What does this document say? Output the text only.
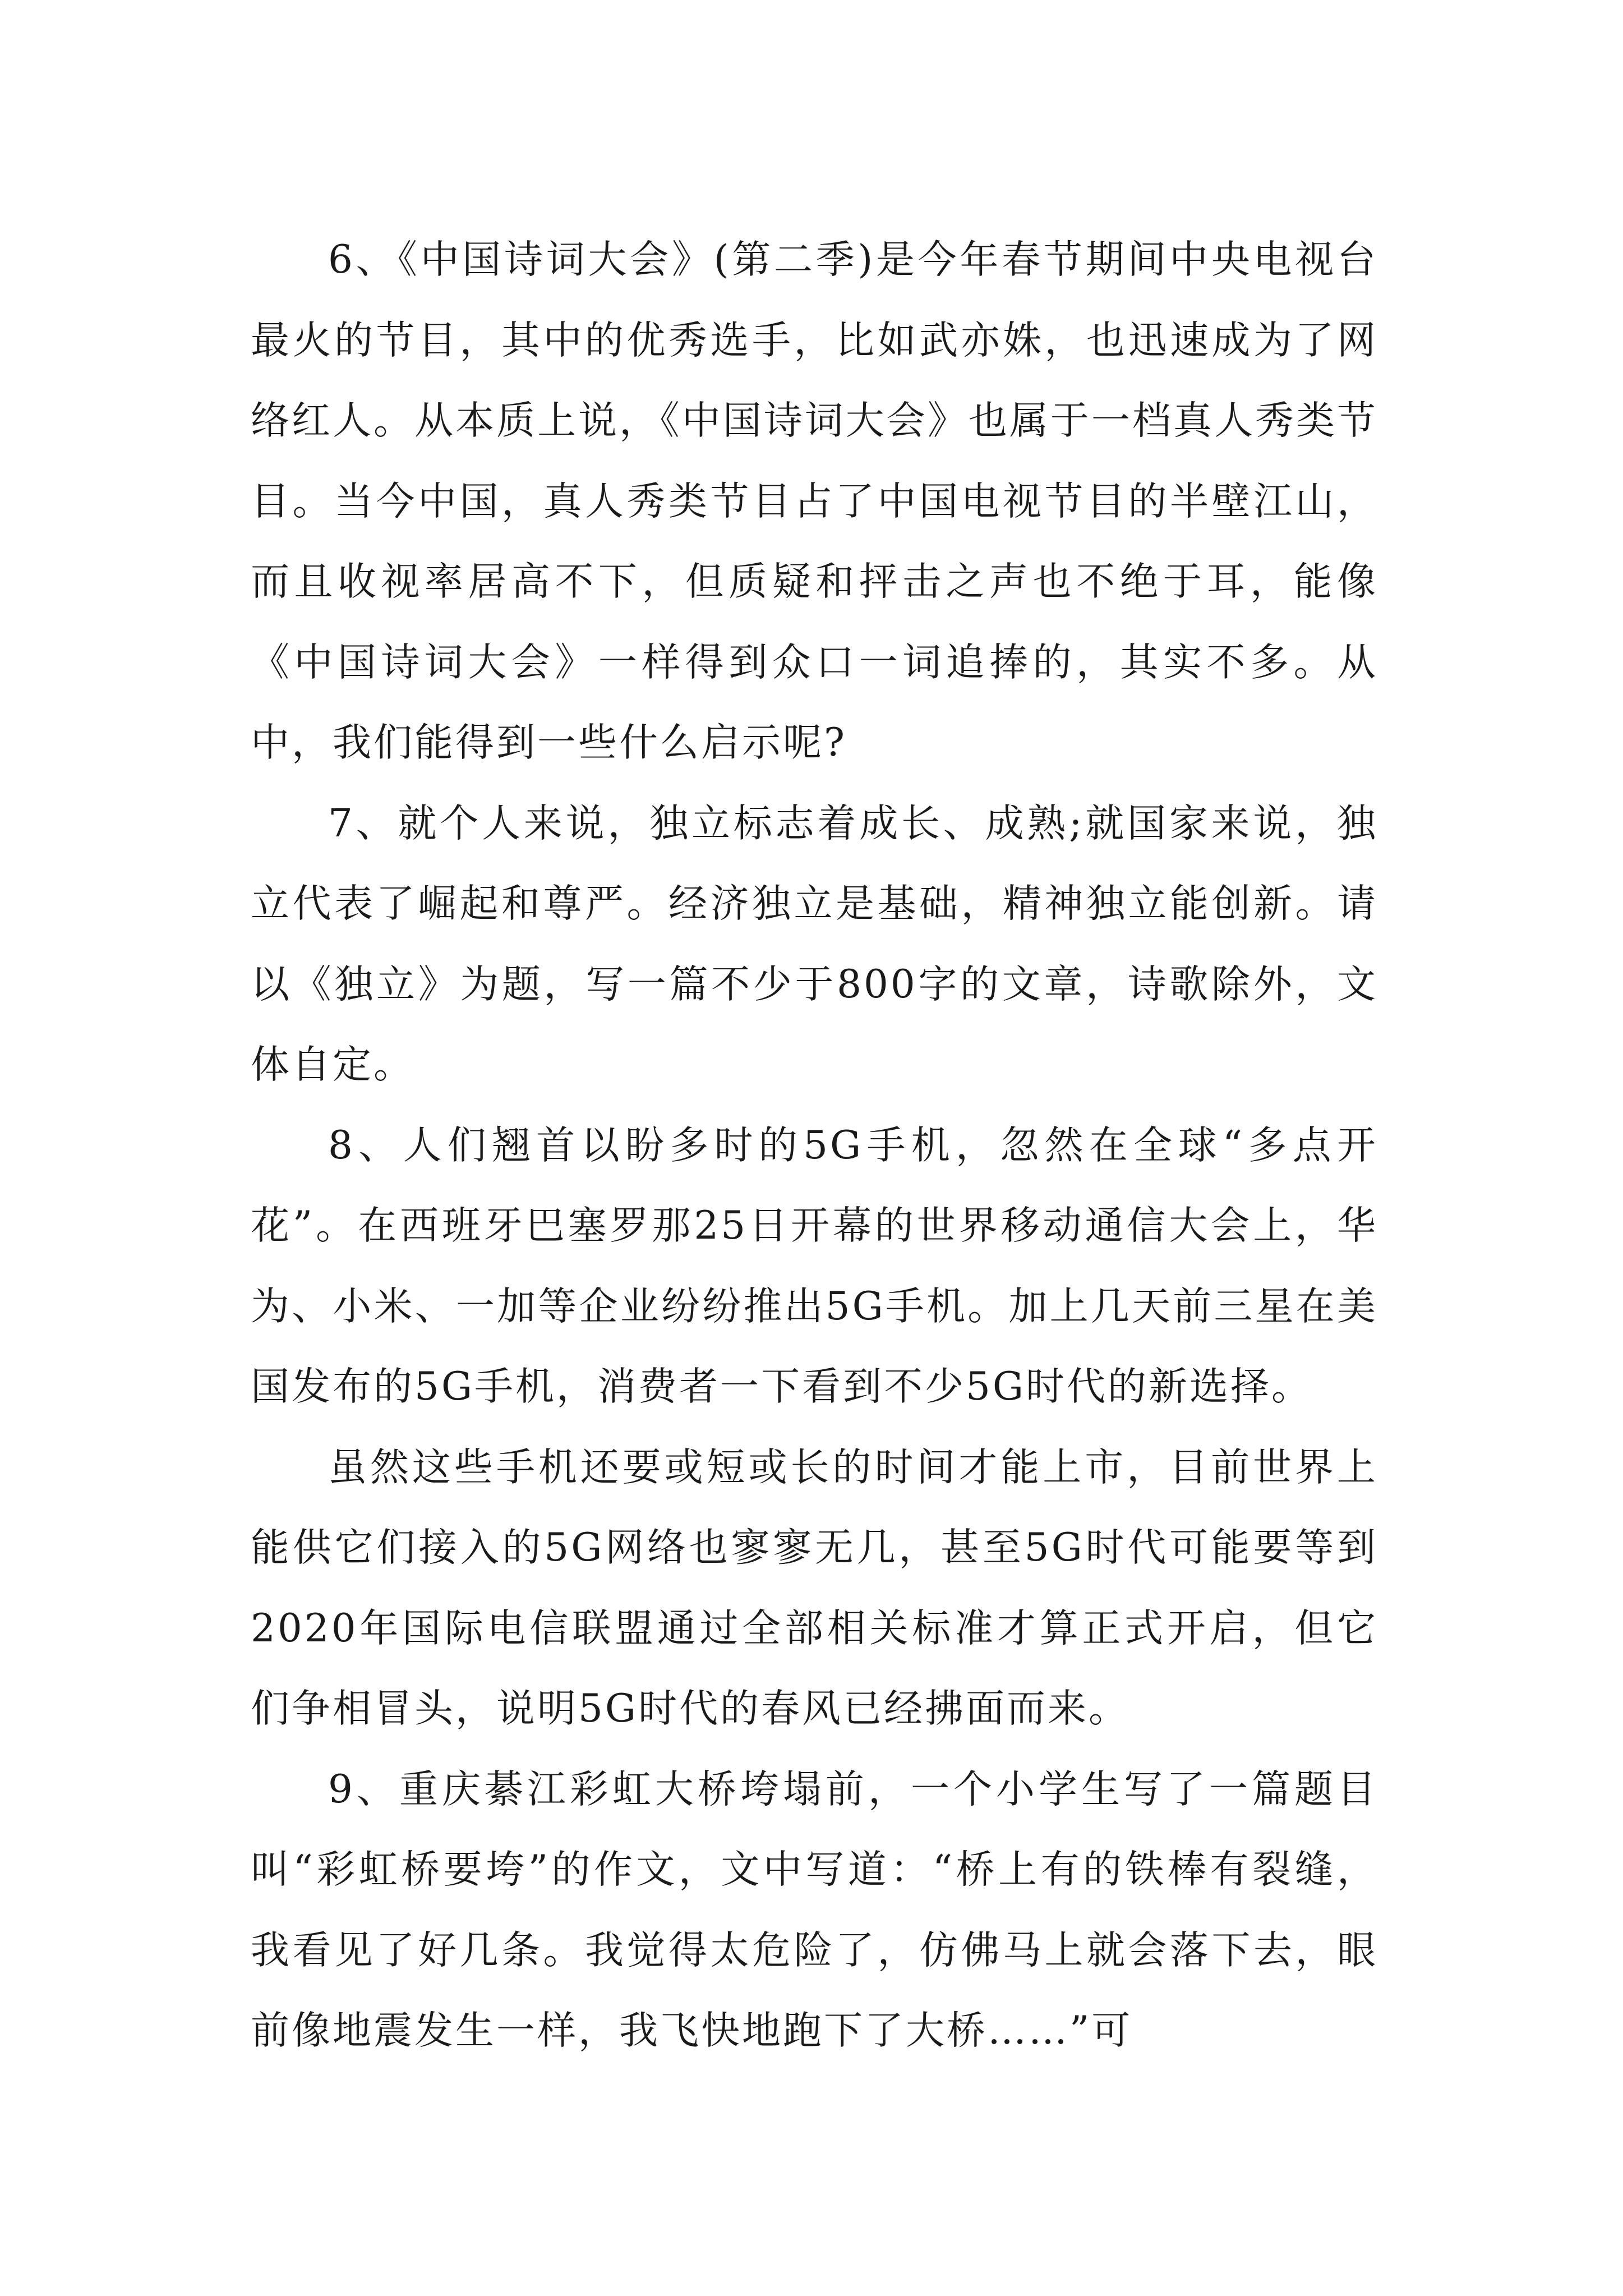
6、《中国诗词大会》(第二季)是今年春节期间中央电视台最火的节目，其中的优秀选手，比如武亦姝，也迅速成为了网络红人。从本质上说，《中国诗词大会》也属于一档真人秀类节目。当今中国，真人秀类节目占了中国电视节目的半壁江山，而且收视率居高不下，但质疑和抨击之声也不绝于耳，能像《中国诗词大会》一样得到众口一词追捧的，其实不多。从中，我们能得到一些什么启示呢?

7、就个人来说，独立标志着成长、成熟;就国家来说，独立代表了崛起和尊严。经济独立是基础，精神独立能创新。请以《独立》为题，写一篇不少于800字的文章，诗歌除外，文体自定。

8、人们翘首以盼多时的5G手机，忽然在全球“多点开花”。在西班牙巴塞罗那25日开幕的世界移动通信大会上，华为、小米、一加等企业纷纷推出5G手机。加上几天前三星在美国发布的5G手机，消费者一下看到不少5G时代的新选择。

虽然这些手机还要或短或长的时间才能上市，目前世界上能供它们接入的5G网络也寥寥无几，甚至5G时代可能要等到2020年国际电信联盟通过全部相关标准才算正式开启，但它们争相冒头，说明5G时代的春风已经拂面而来。

9、重庆綦江彩虹大桥垮塌前，一个小学生写了一篇题目叫“彩虹桥要垮”的作文，文中写道：“桥上有的铁棒有裂缝，我看见了好几条。我觉得太危险了，仿佛马上就会落下去，眼前像地震发生一样，我飞快地跑下了大桥……”可
